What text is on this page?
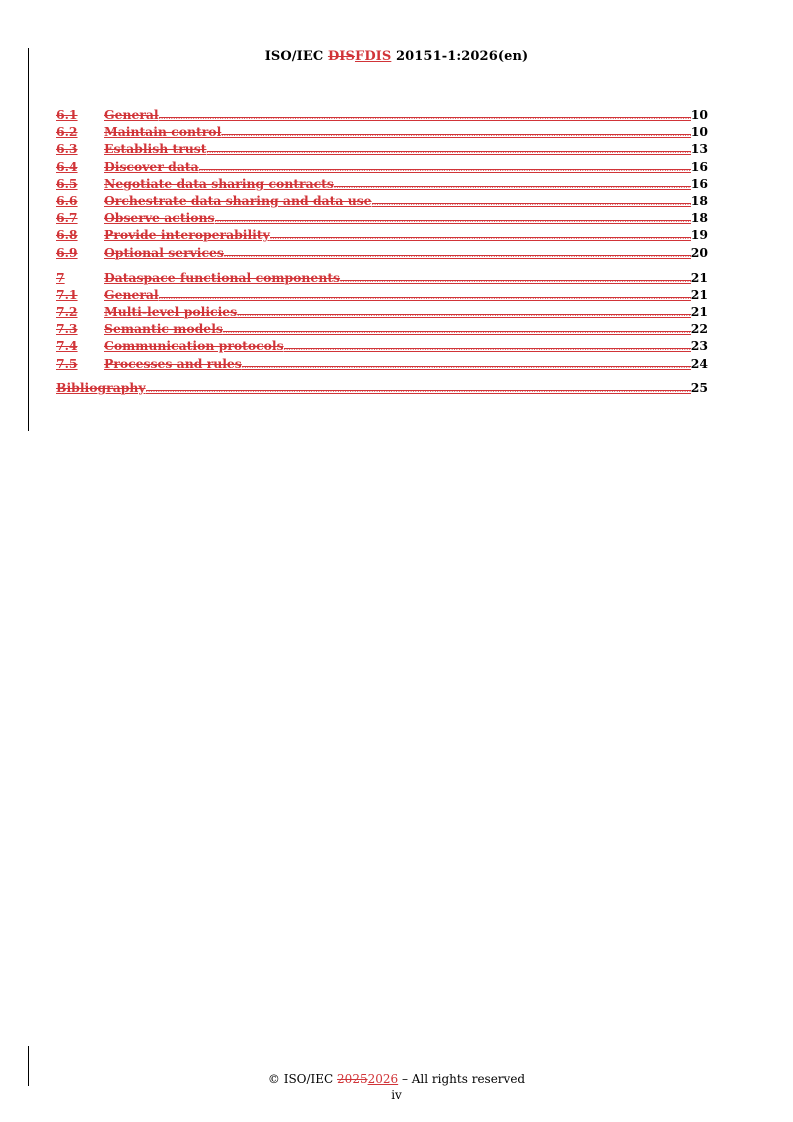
ISO/IEC DISFDIS 20151-1:2026(en)
6.1	General .....	10
6.2	Maintain control .....	10
6.3	Establish trust .....	13
6.4	Discover data .....	16
6.5	Negotiate data sharing contracts .....	16
6.6	Orchestrate data sharing and data use .....	18
6.7	Observe actions .....	18
6.8	Provide interoperability .....	19
6.9	Optional services .....	20
7	Dataspace functional components .....	21
7.1	General .....	21
7.2	Multi-level policies .....	21
7.3	Semantic models .....	22
7.4	Communication protocols .....	23
7.5	Processes and rules .....	24
Bibliography .....	25
© ISO/IEC 20252026 – All rights reserved
iv
